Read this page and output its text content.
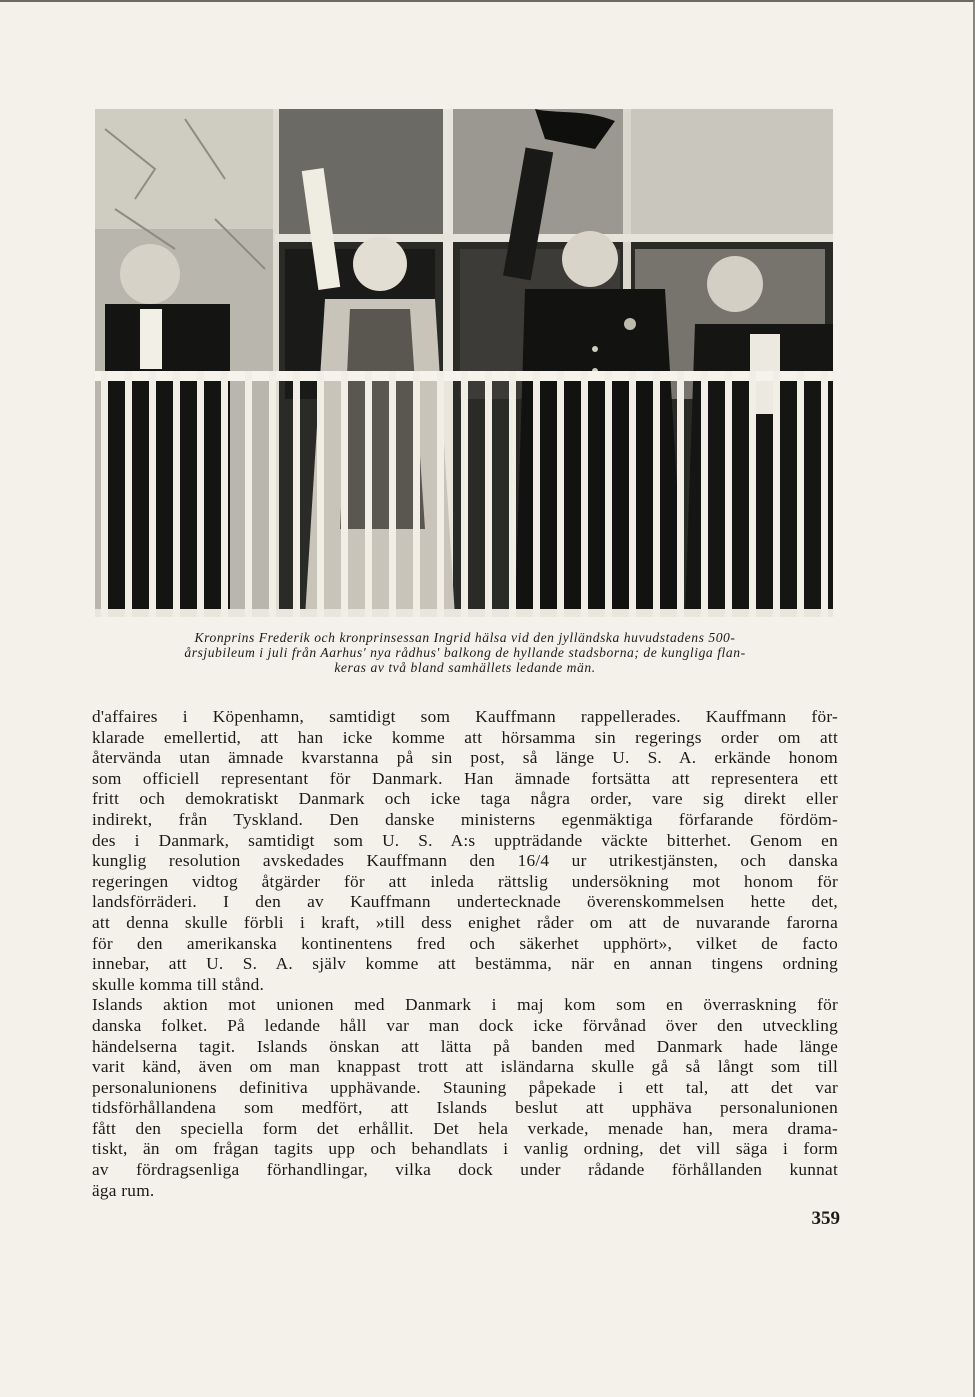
Kronprins Frederik och kronprinsessan Ingrid hälsa vid den jylländska huvudstadens 500-
årsjubileum i juli från Aarhus' nya rådhus' balkong de hyllande stadsborna; de kungliga flan-
keras av två bland samhällets ledande män.

d'affaires i Köpenhamn, samtidigt som Kauffmann rappellerades. Kauffmann för-
klarade emellertid, att han icke komme att hörsamma sin regerings order om att
återvända utan ämnade kvarstanna på sin post, så länge U. S. A. erkände honom
som officiell representant för Danmark. Han ämnade fortsätta att representera ett
fritt och demokratiskt Danmark och icke taga några order, vare sig direkt eller
indirekt, från Tyskland. Den danske ministerns egenmäktiga förfarande fördöm-
des i Danmark, samtidigt som U. S. A:s uppträdande väckte bitterhet. Genom en
kunglig resolution avskedades Kauffmann den 16/4 ur utrikestjänsten, och danska
regeringen vidtog åtgärder för att inleda rättslig undersökning mot honom för
landsförräderi. I den av Kauffmann undertecknade överenskommelsen hette det,
att denna skulle förbli i kraft, »till dess enighet råder om att de nuvarande farorna
för den amerikanska kontinentens fred och säkerhet upphört», vilket de facto
innebar, att U. S. A. själv komme att bestämma, när en annan tingens ordning
skulle komma till stånd.
Islands aktion mot unionen med Danmark i maj kom som en överraskning för
danska folket. På ledande håll var man dock icke förvånad över den utveckling
händelserna tagit. Islands önskan att lätta på banden med Danmark hade länge
varit känd, även om man knappast trott att isländarna skulle gå så långt som till
personalunionens definitiva upphävande. Stauning påpekade i ett tal, att det var
tidsförhållandena som medfört, att Islands beslut att upphäva personalunionen
fått den speciella form det erhållit. Det hela verkade, menade han, mera drama-
tiskt, än om frågan tagits upp och behandlats i vanlig ordning, det vill säga i form
av fördragsenliga förhandlingar, vilka dock under rådande förhållanden kunnat
äga rum.

359
